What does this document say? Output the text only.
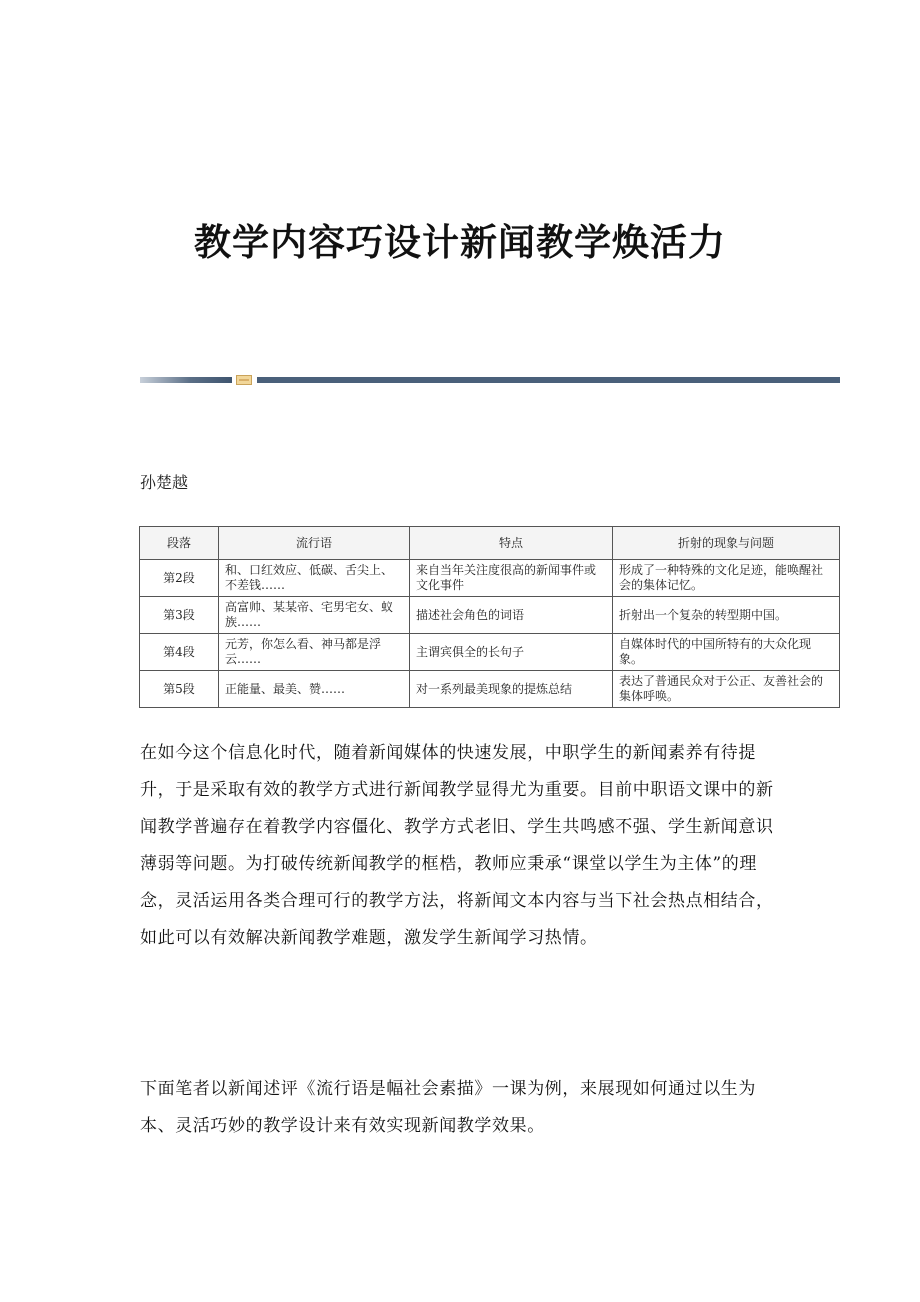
教学内容巧设计新闻教学焕活力
孙楚越
段落	流行语	特点	折射的现象与问题
第2段	和、口红效应、低碳、舌尖上、不差钱……	来自当年关注度很高的新闻事件或文化事件	形成了一种特殊的文化足迹，能唤醒社会的集体记忆。
第3段	高富帅、某某帝、宅男宅女、蚁族……	描述社会角色的词语	折射出一个复杂的转型期中国。
第4段	元芳，你怎么看、神马都是浮云……	主谓宾俱全的长句子	自媒体时代的中国所特有的大众化现象。
第5段	正能量、最美、赞……	对一系列最美现象的提炼总结	表达了普通民众对于公正、友善社会的集体呼唤。

在如今这个信息化时代，随着新闻媒体的快速发展，中职学生的新闻素养有待提升，于是采取有效的教学方式进行新闻教学显得尤为重要。目前中职语文课中的新闻教学普遍存在着教学内容僵化、教学方式老旧、学生共鸣感不强、学生新闻意识薄弱等问题。为打破传统新闻教学的框梏，教师应秉承“课堂以学生为主体”的理念，灵活运用各类合理可行的教学方法，将新闻文本内容与当下社会热点相结合，如此可以有效解决新闻教学难题，激发学生新闻学习热情。

下面笔者以新闻述评《流行语是幅社会素描》一课为例，来展现如何通过以生为本、灵活巧妙的教学设计来有效实现新闻教学效果。
